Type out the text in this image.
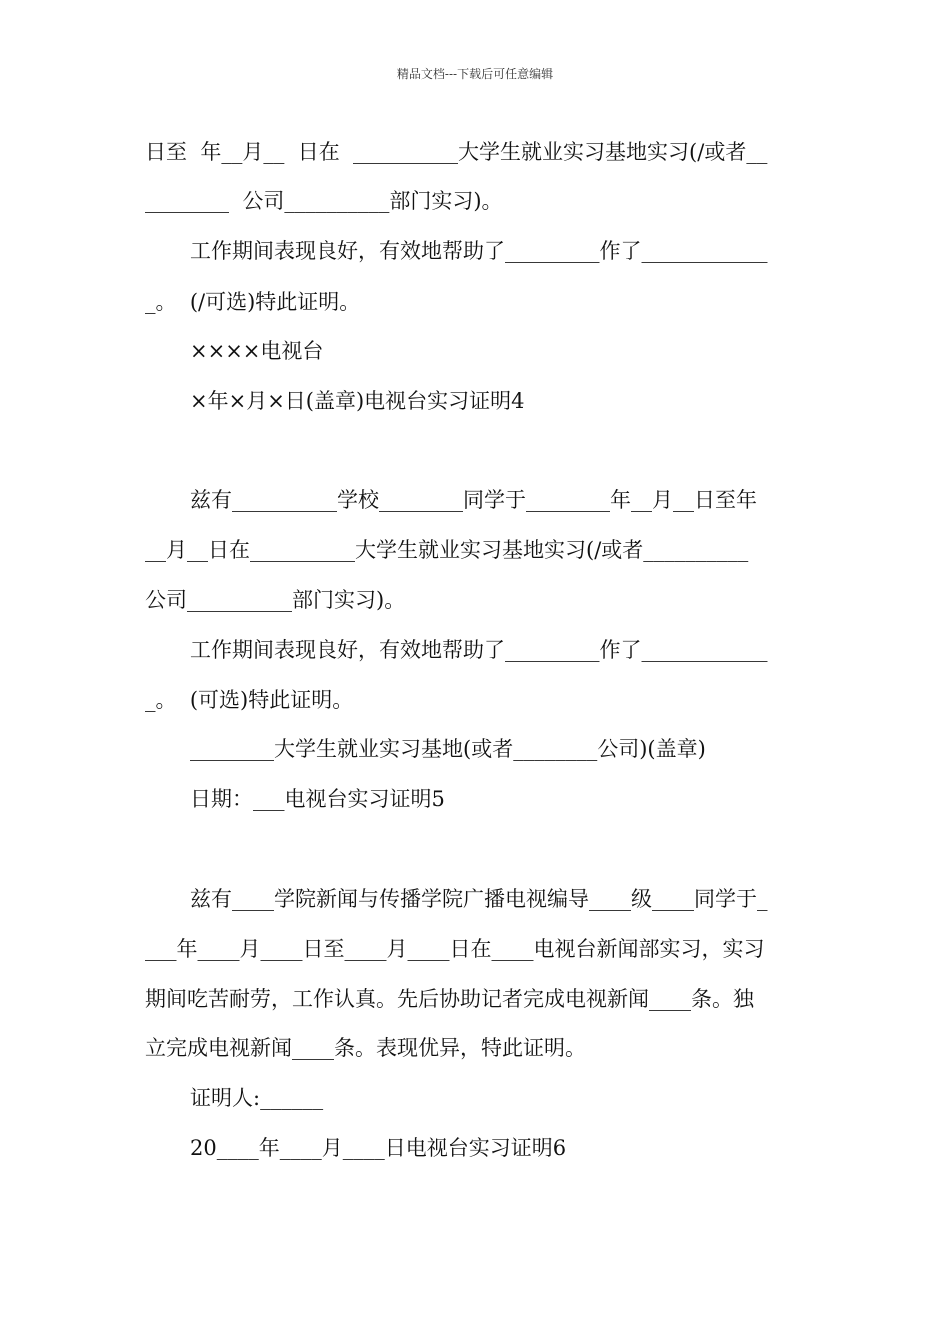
精品文档---下载后可任意编辑
日至  年__月__  日在  __________大学生就业实习基地实习(/或者__
________  公司__________部门实习)。
工作期间表现良好，有效地帮助了_________作了____________
_。  (/可选)特此证明。
××××电视台
×年×月×日(盖章)电视台实习证明4
兹有__________学校________同学于________年__月__日至年
__月__日在__________大学生就业实习基地实习(/或者__________
公司__________部门实习)。
工作期间表现良好，有效地帮助了_________作了____________
_。  (可选)特此证明。
________大学生就业实习基地(或者________公司)(盖章)
日期：___电视台实习证明5
兹有____学院新闻与传播学院广播电视编导____级____同学于_
___年____月____日至____月____日在____电视台新闻部实习，实习
期间吃苦耐劳，工作认真。先后协助记者完成电视新闻____条。独
立完成电视新闻____条。表现优异，特此证明。
证明人:______
20____年____月____日电视台实习证明6
